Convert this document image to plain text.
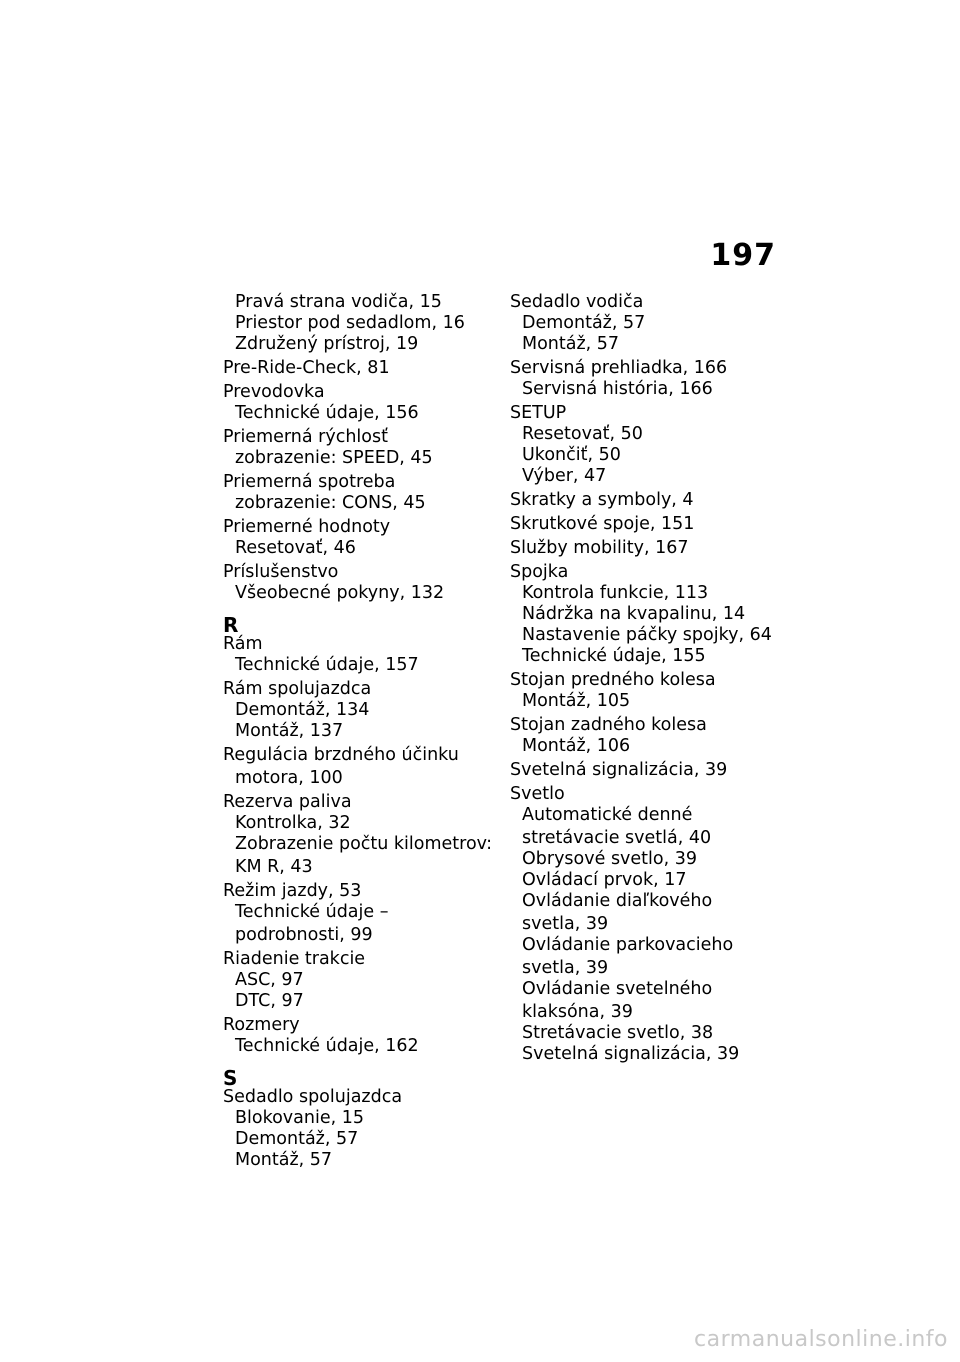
197
Pravá strana vodiča, 15
Priestor pod sedadlom, 16
Združený prístroj, 19
Pre-Ride-Check, 81
Prevodovka
Technické údaje, 156
Priemerná rýchlosť
zobrazenie: SPEED, 45
Priemerná spotreba
zobrazenie: CONS, 45
Priemerné hodnoty
Resetovať, 46
Príslušenstvo
Všeobecné pokyny, 132
R
Rám
Technické údaje, 157
Rám spolujazdca
Demontáž, 134
Montáž, 137
Regulácia brzdného účinku
motora, 100
Rezerva paliva
Kontrolka, 32
Zobrazenie počtu kilometrov:
KM R, 43
Režim jazdy, 53
Technické údaje –
podrobnosti, 99
Riadenie trakcie
ASC, 97
DTC, 97
Rozmery
Technické údaje, 162
S
Sedadlo spolujazdca
Blokovanie, 15
Demontáž, 57
Montáž, 57
Sedadlo vodiča
Demontáž, 57
Montáž, 57
Servisná prehliadka, 166
Servisná história, 166
SETUP
Resetovať, 50
Ukončiť, 50
Výber, 47
Skratky a symboly, 4
Skrutkové spoje, 151
Služby mobility, 167
Spojka
Kontrola funkcie, 113
Nádržka na kvapalinu, 14
Nastavenie páčky spojky, 64
Technické údaje, 155
Stojan predného kolesa
Montáž, 105
Stojan zadného kolesa
Montáž, 106
Svetelná signalizácia, 39
Svetlo
Automatické denné
stretávacie svetlá, 40
Obrysové svetlo, 39
Ovládací prvok, 17
Ovládanie diaľkového
svetla, 39
Ovládanie parkovacieho
svetla, 39
Ovládanie svetelného
klaksóna, 39
Stretávacie svetlo, 38
Svetelná signalizácia, 39
carmanualsonline.info
